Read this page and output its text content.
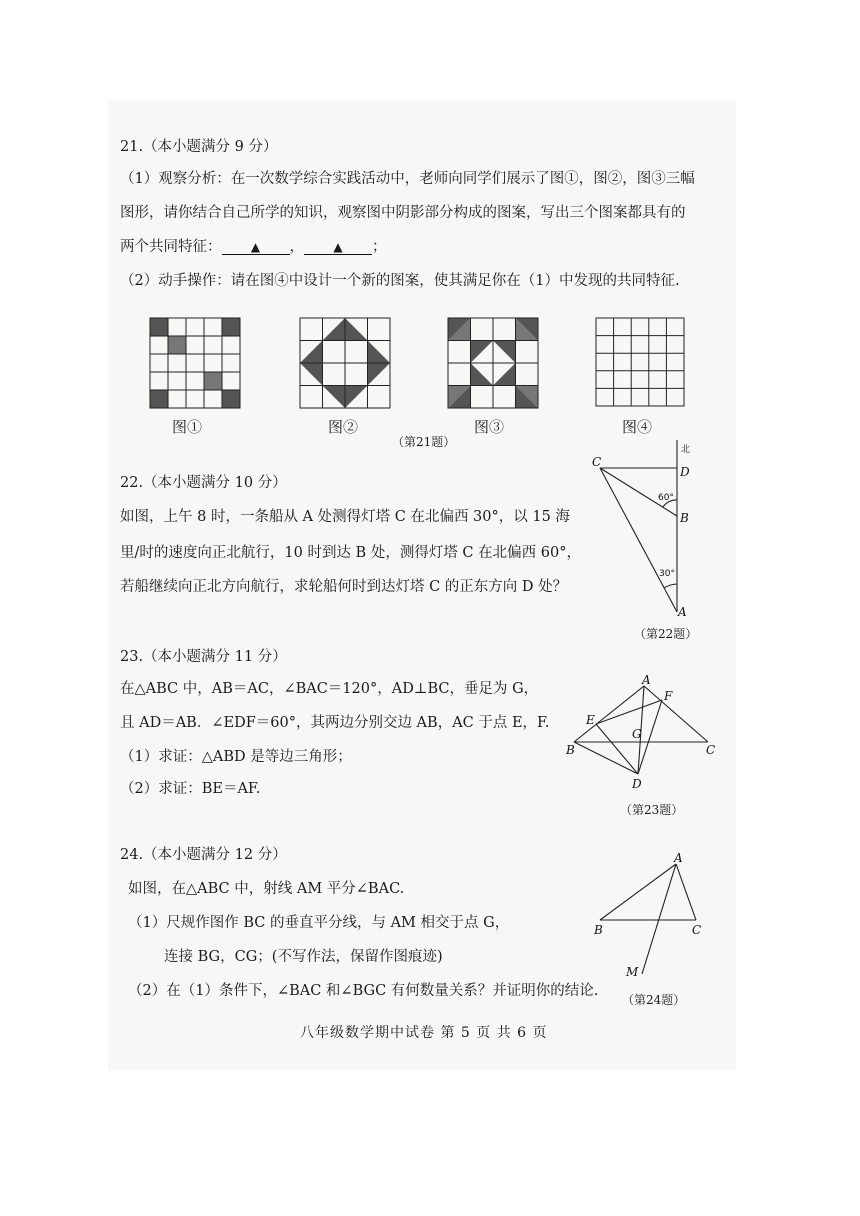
21.（本小题满分 9 分）
（1）观察分析：在一次数学综合实践活动中，老师向同学们展示了图①，图②，图③三幅
图形，请你结合自己所学的知识，观察图中阴影部分构成的图案，写出三个图案都具有的
两个共同特征： ▲ ， ▲ ；
（2）动手操作：请在图④中设计一个新的图案，使其满足你在（1）中发现的共同特征.
图①	图②	图③	图④
（第21题）
22.（本小题满分 10 分）
如图，上午 8 时，一条船从 A 处测得灯塔 C 在北偏西 30°，以 15 海
里/时的速度向正北航行，10 时到达 B 处，测得灯塔 C 在北偏西 60°，
若船继续向正北方向航行，求轮船何时到达灯塔 C 的正东方向 D 处？
北
C
D
B
A
60°
30°
（第22题）
23.（本小题满分 11 分）
在△ABC 中，AB＝AC，∠BAC＝120°，AD⊥BC，垂足为 G，
且 AD＝AB．∠EDF＝60°，其两边分别交边 AB，AC 于点 E，F.
（1）求证：△ABD 是等边三角形；
（2）求证：BE＝AF.
A
B	C
D
E
F
G
（第23题）
24.（本小题满分 12 分）
如图，在△ABC 中，射线 AM 平分∠BAC.
（1）尺规作图作 BC 的垂直平分线，与 AM 相交于点 G，
连接 BG，CG；(不写作法，保留作图痕迹)
（2）在（1）条件下，∠BAC 和∠BGC 有何数量关系？并证明你的结论.
A
B	C
M
（第24题）
八年级数学期中试卷 第 5 页 共 6 页
